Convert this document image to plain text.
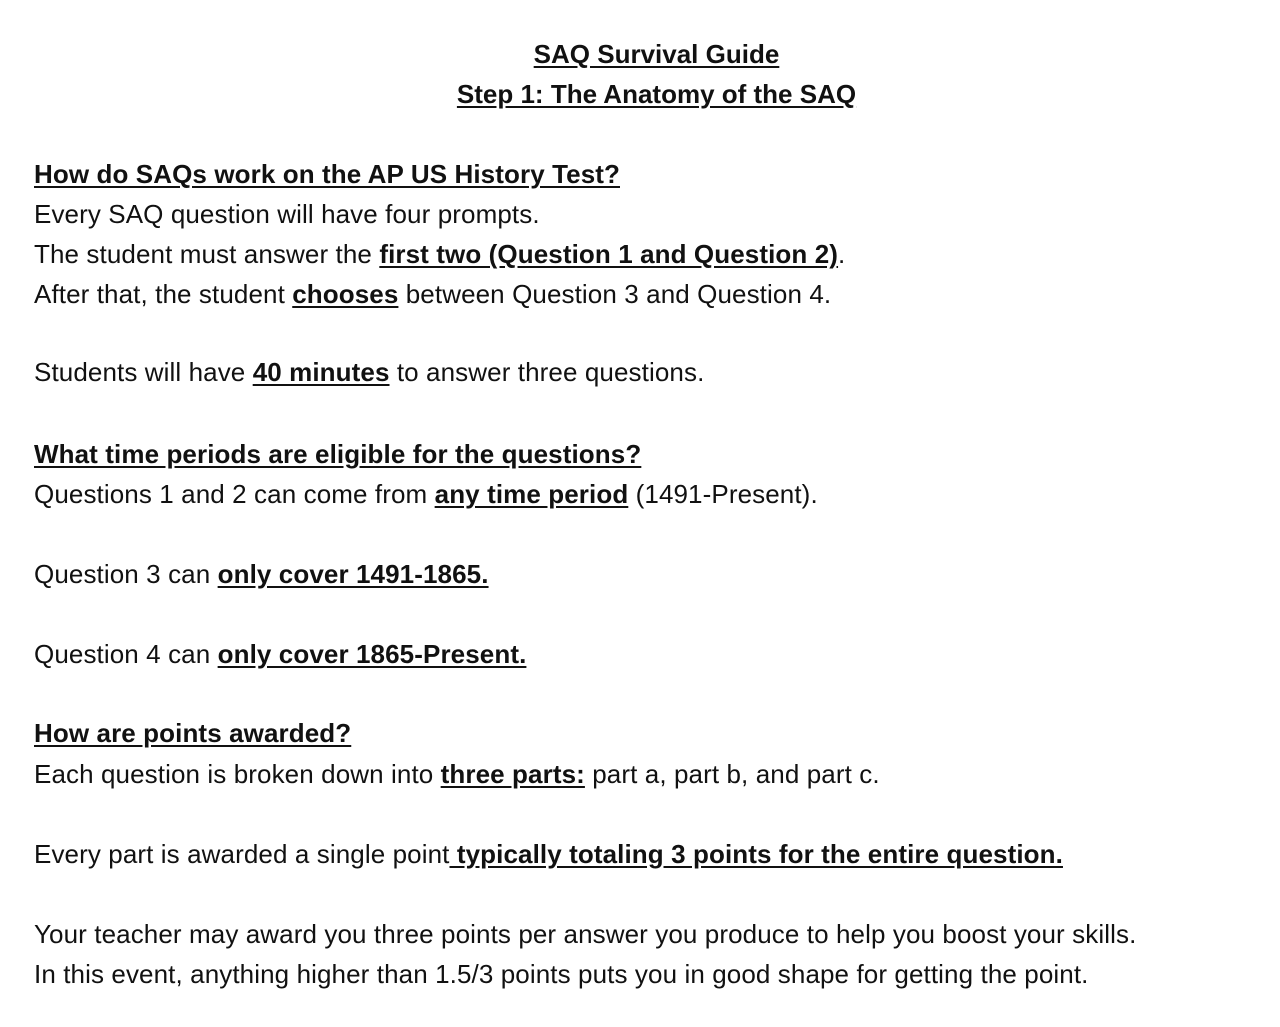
SAQ Survival Guide
Step 1: The Anatomy of the SAQ
How do SAQs work on the AP US History Test?
Every SAQ question will have four prompts.
The student must answer the first two (Question 1 and Question 2).
After that, the student chooses between Question 3 and Question 4.
Students will have 40 minutes to answer three questions.
What time periods are eligible for the questions?
Questions 1 and 2 can come from any time period (1491-Present).
Question 3 can only cover 1491-1865.
Question 4 can only cover 1865-Present.
How are points awarded?
Each question is broken down into three parts: part a, part b, and part c.
Every part is awarded a single point typically totaling 3 points for the entire question.
Your teacher may award you three points per answer you produce to help you boost your skills.
In this event, anything higher than 1.5/3 points puts you in good shape for getting the point.
